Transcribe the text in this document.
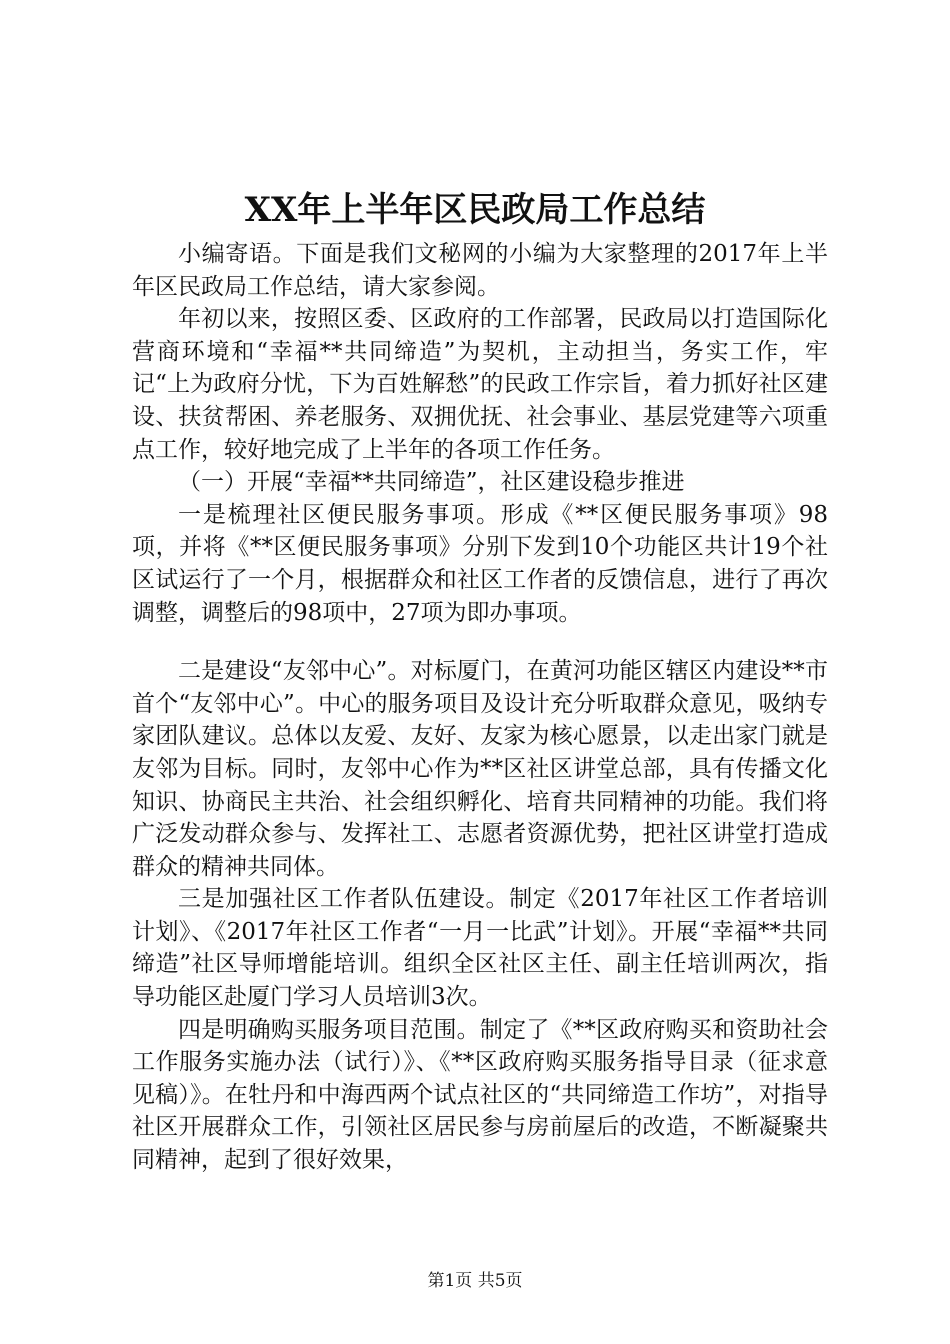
XX年上半年区民政局工作总结

小编寄语。下面是我们文秘网的小编为大家整理的2017年上半年区民政局工作总结，请大家参阅。

年初以来，按照区委、区政府的工作部署，民政局以打造国际化营商环境和“幸福**共同缔造”为契机，主动担当，务实工作，牢记“上为政府分忧，下为百姓解愁”的民政工作宗旨，着力抓好社区建设、扶贫帮困、养老服务、双拥优抚、社会事业、基层党建等六项重点工作，较好地完成了上半年的各项工作任务。

（一）开展“幸福**共同缔造”，社区建设稳步推进

一是梳理社区便民服务事项。形成《**区便民服务事项》98项，并将《**区便民服务事项》分别下发到10个功能区共计19个社区试运行了一个月，根据群众和社区工作者的反馈信息，进行了再次调整，调整后的98项中，27项为即办事项。

二是建设“友邻中心”。对标厦门，在黄河功能区辖区内建设**市首个“友邻中心”。中心的服务项目及设计充分听取群众意见，吸纳专家团队建议。总体以友爱、友好、友家为核心愿景，以走出家门就是友邻为目标。同时，友邻中心作为**区社区讲堂总部，具有传播文化知识、协商民主共治、社会组织孵化、培育共同精神的功能。我们将广泛发动群众参与、发挥社工、志愿者资源优势，把社区讲堂打造成群众的精神共同体。

三是加强社区工作者队伍建设。制定《2017年社区工作者培训计划》、《2017年社区工作者“一月一比武”计划》。开展“幸福**共同缔造”社区导师增能培训。组织全区社区主任、副主任培训两次，指导功能区赴厦门学习人员培训3次。

四是明确购买服务项目范围。制定了《**区政府购买和资助社会工作服务实施办法（试行）》、《**区政府购买服务指导目录（征求意见稿）》。在牡丹和中海西两个试点社区的“共同缔造工作坊”，对指导社区开展群众工作，引领社区居民参与房前屋后的改造，不断凝聚共同精神，起到了很好效果，

第1页 共5页
